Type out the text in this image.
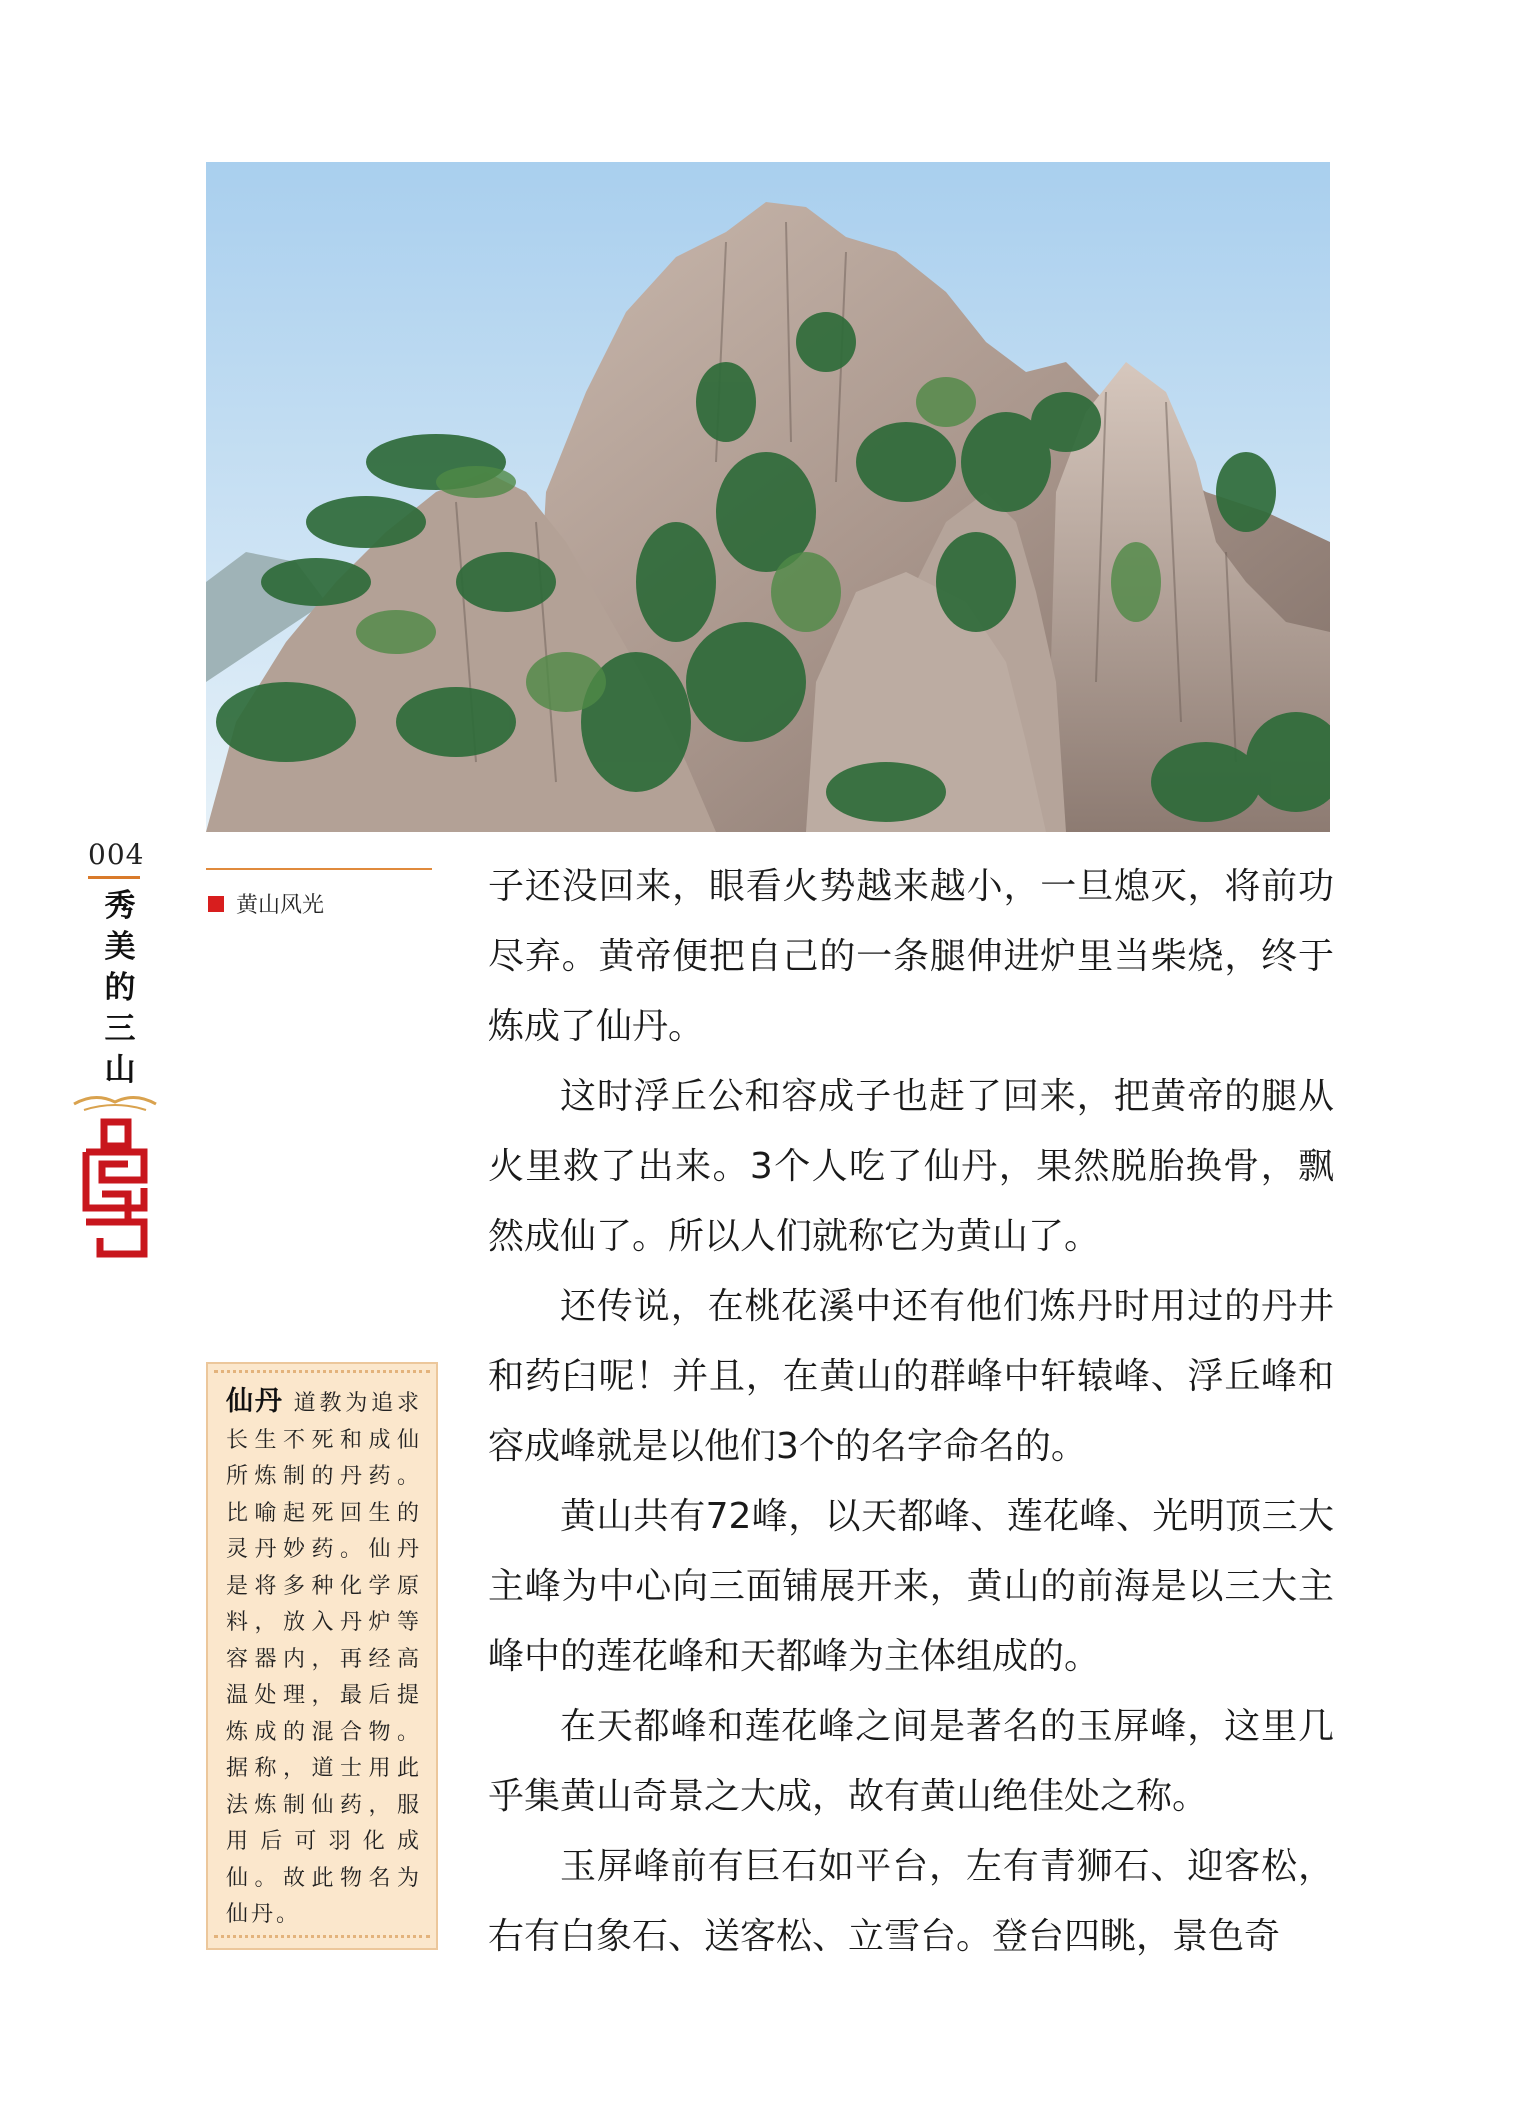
004
秀美的三山
黄山风光	子还没回来，眼看火势越来越小，一旦熄灭，将前功尽弃。黄帝便把自己的一条腿伸进炉里当柴烧，终于炼成了仙丹。

这时浮丘公和容成子也赶了回来，把黄帝的腿从火里救了出来。3个人吃了仙丹，果然脱胎换骨，飘然成仙了。所以人们就称它为黄山了。

还传说，在桃花溪中还有他们炼丹时用过的丹井和药臼呢！并且，在黄山的群峰中轩辕峰、浮丘峰和容成峰就是以他们3个的名字命名的。

黄山共有72峰，以天都峰、莲花峰、光明顶三大主峰为中心向三面铺展开来，黄山的前海是以三大主峰中的莲花峰和天都峰为主体组成的。

在天都峰和莲花峰之间是著名的玉屏峰，这里几乎集黄山奇景之大成，故有黄山绝佳处之称。

玉屏峰前有巨石如平台，左有青狮石、迎客松，右有白象石、送客松、立雪台。登台四眺，景色奇

仙丹 道教为追求长生不死和成仙所炼制的丹药。比喻起死回生的灵丹妙药。仙丹是将多种化学原料，放入丹炉等容器内，再经高温处理，最后提炼成的混合物。据称，道士用此法炼制仙药，服用后可羽化成仙。故此物名为仙丹。
